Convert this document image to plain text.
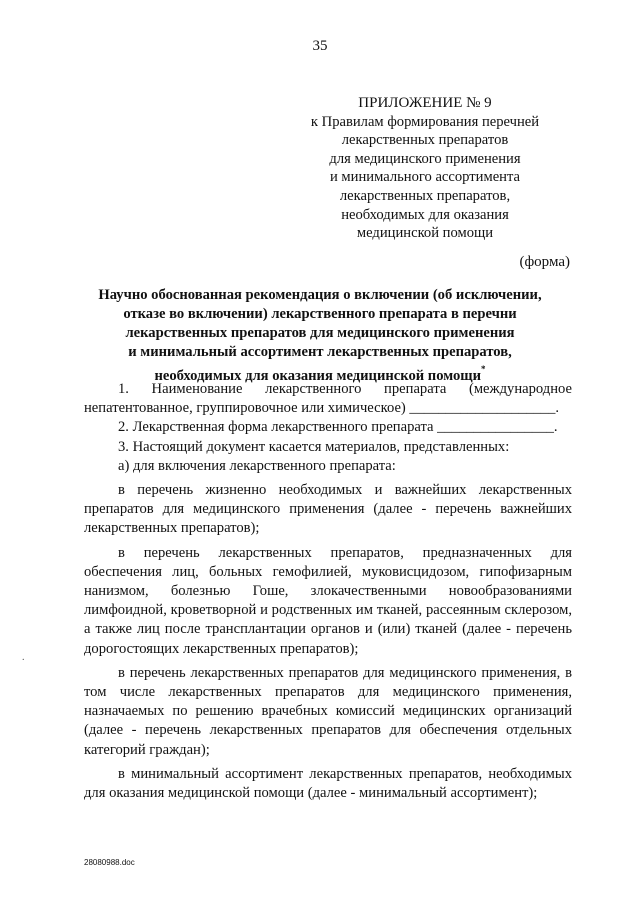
35
ПРИЛОЖЕНИЕ № 9
к Правилам формирования перечней
лекарственных препаратов
для медицинского применения
и минимального ассортимента
лекарственных препаратов,
необходимых для оказания
медицинской помощи
(форма)
Научно обоснованная рекомендация о включении (об исключении,
отказе во включении) лекарственного препарата в перечни
лекарственных препаратов для медицинского применения
и минимальный ассортимент лекарственных препаратов,
необходимых для оказания медицинской помощи*

1. Наименование лекарственного препарата (международное непатентованное, группировочное или химическое) ____________________.

2. Лекарственная форма лекарственного препарата ________________.

3. Настоящий документ касается материалов, представленных:

а) для включения лекарственного препарата:

в перечень жизненно необходимых и важнейших лекарственных препаратов для медицинского применения (далее - перечень важнейших лекарственных препаратов);

в перечень лекарственных препаратов, предназначенных для обеспечения лиц, больных гемофилией, муковисцидозом, гипофизарным нанизмом, болезнью Гоше, злокачественными новообразованиями лимфоидной, кроветворной и родственных им тканей, рассеянным склерозом, а также лиц после трансплантации органов и (или) тканей (далее - перечень дорогостоящих лекарственных препаратов);

в перечень лекарственных препаратов для медицинского применения, в том числе лекарственных препаратов для медицинского применения, назначаемых по решению врачебных комиссий медицинских организаций (далее - перечень лекарственных препаратов для обеспечения отдельных категорий граждан);

в минимальный ассортимент лекарственных препаратов, необходимых для оказания медицинской помощи (далее - минимальный ассортимент);

.
28080988.doc
